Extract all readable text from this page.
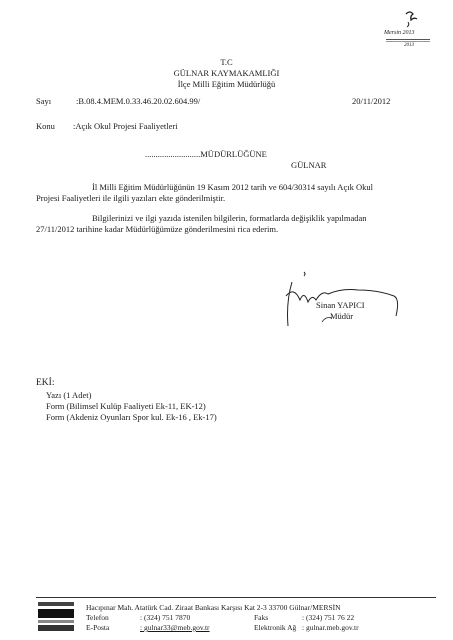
Mersin 2013
2013
T.C
GÜLNAR KAYMAKAMLIĞI
İlçe Milli Eğitim Müdürlüğü
Sayı	:B.08.4.MEM.0.33.46.20.02.604.99/	20/11/2012
Konu :Açık Okul Projesi Faaliyetleri
..........................MÜDÜRLÜĞÜNE
GÜLNAR
İl Milli Eğitim Müdürlüğünün 19 Kasım 2012 tarih ve 604/30314 sayılı Açık Okul
Projesi Faaliyetleri ile ilgili yazıları ekte gönderilmiştir.
Bilgilerinizi ve ilgi yazıda istenilen bilgilerin, formatlarda değişiklik yapılmadan
27/11/2012 tarihine kadar Müdürlüğümüze gönderilmesini rica ederim.
Sinan YAPICI
Müdür
EKİ:
Yazı (1 Adet)
Form (Bilimsel Kulüp Faaliyeti Ek-11, EK-12)
Form (Akdeniz Oyunları Spor kul. Ek-16 , Ek-17)
Hacıpınar Mah. Atatürk Cad. Ziraat Bankası Karşısı Kat 2-3 33700 Gülnar/MERSİN
Telefon	: (324) 751 7870	Faks	: (324) 751 76 22
E-Posta	: gulnar33@meb.gov.tr	Elektronik Ağ : gulnar.meb.gov.tr
